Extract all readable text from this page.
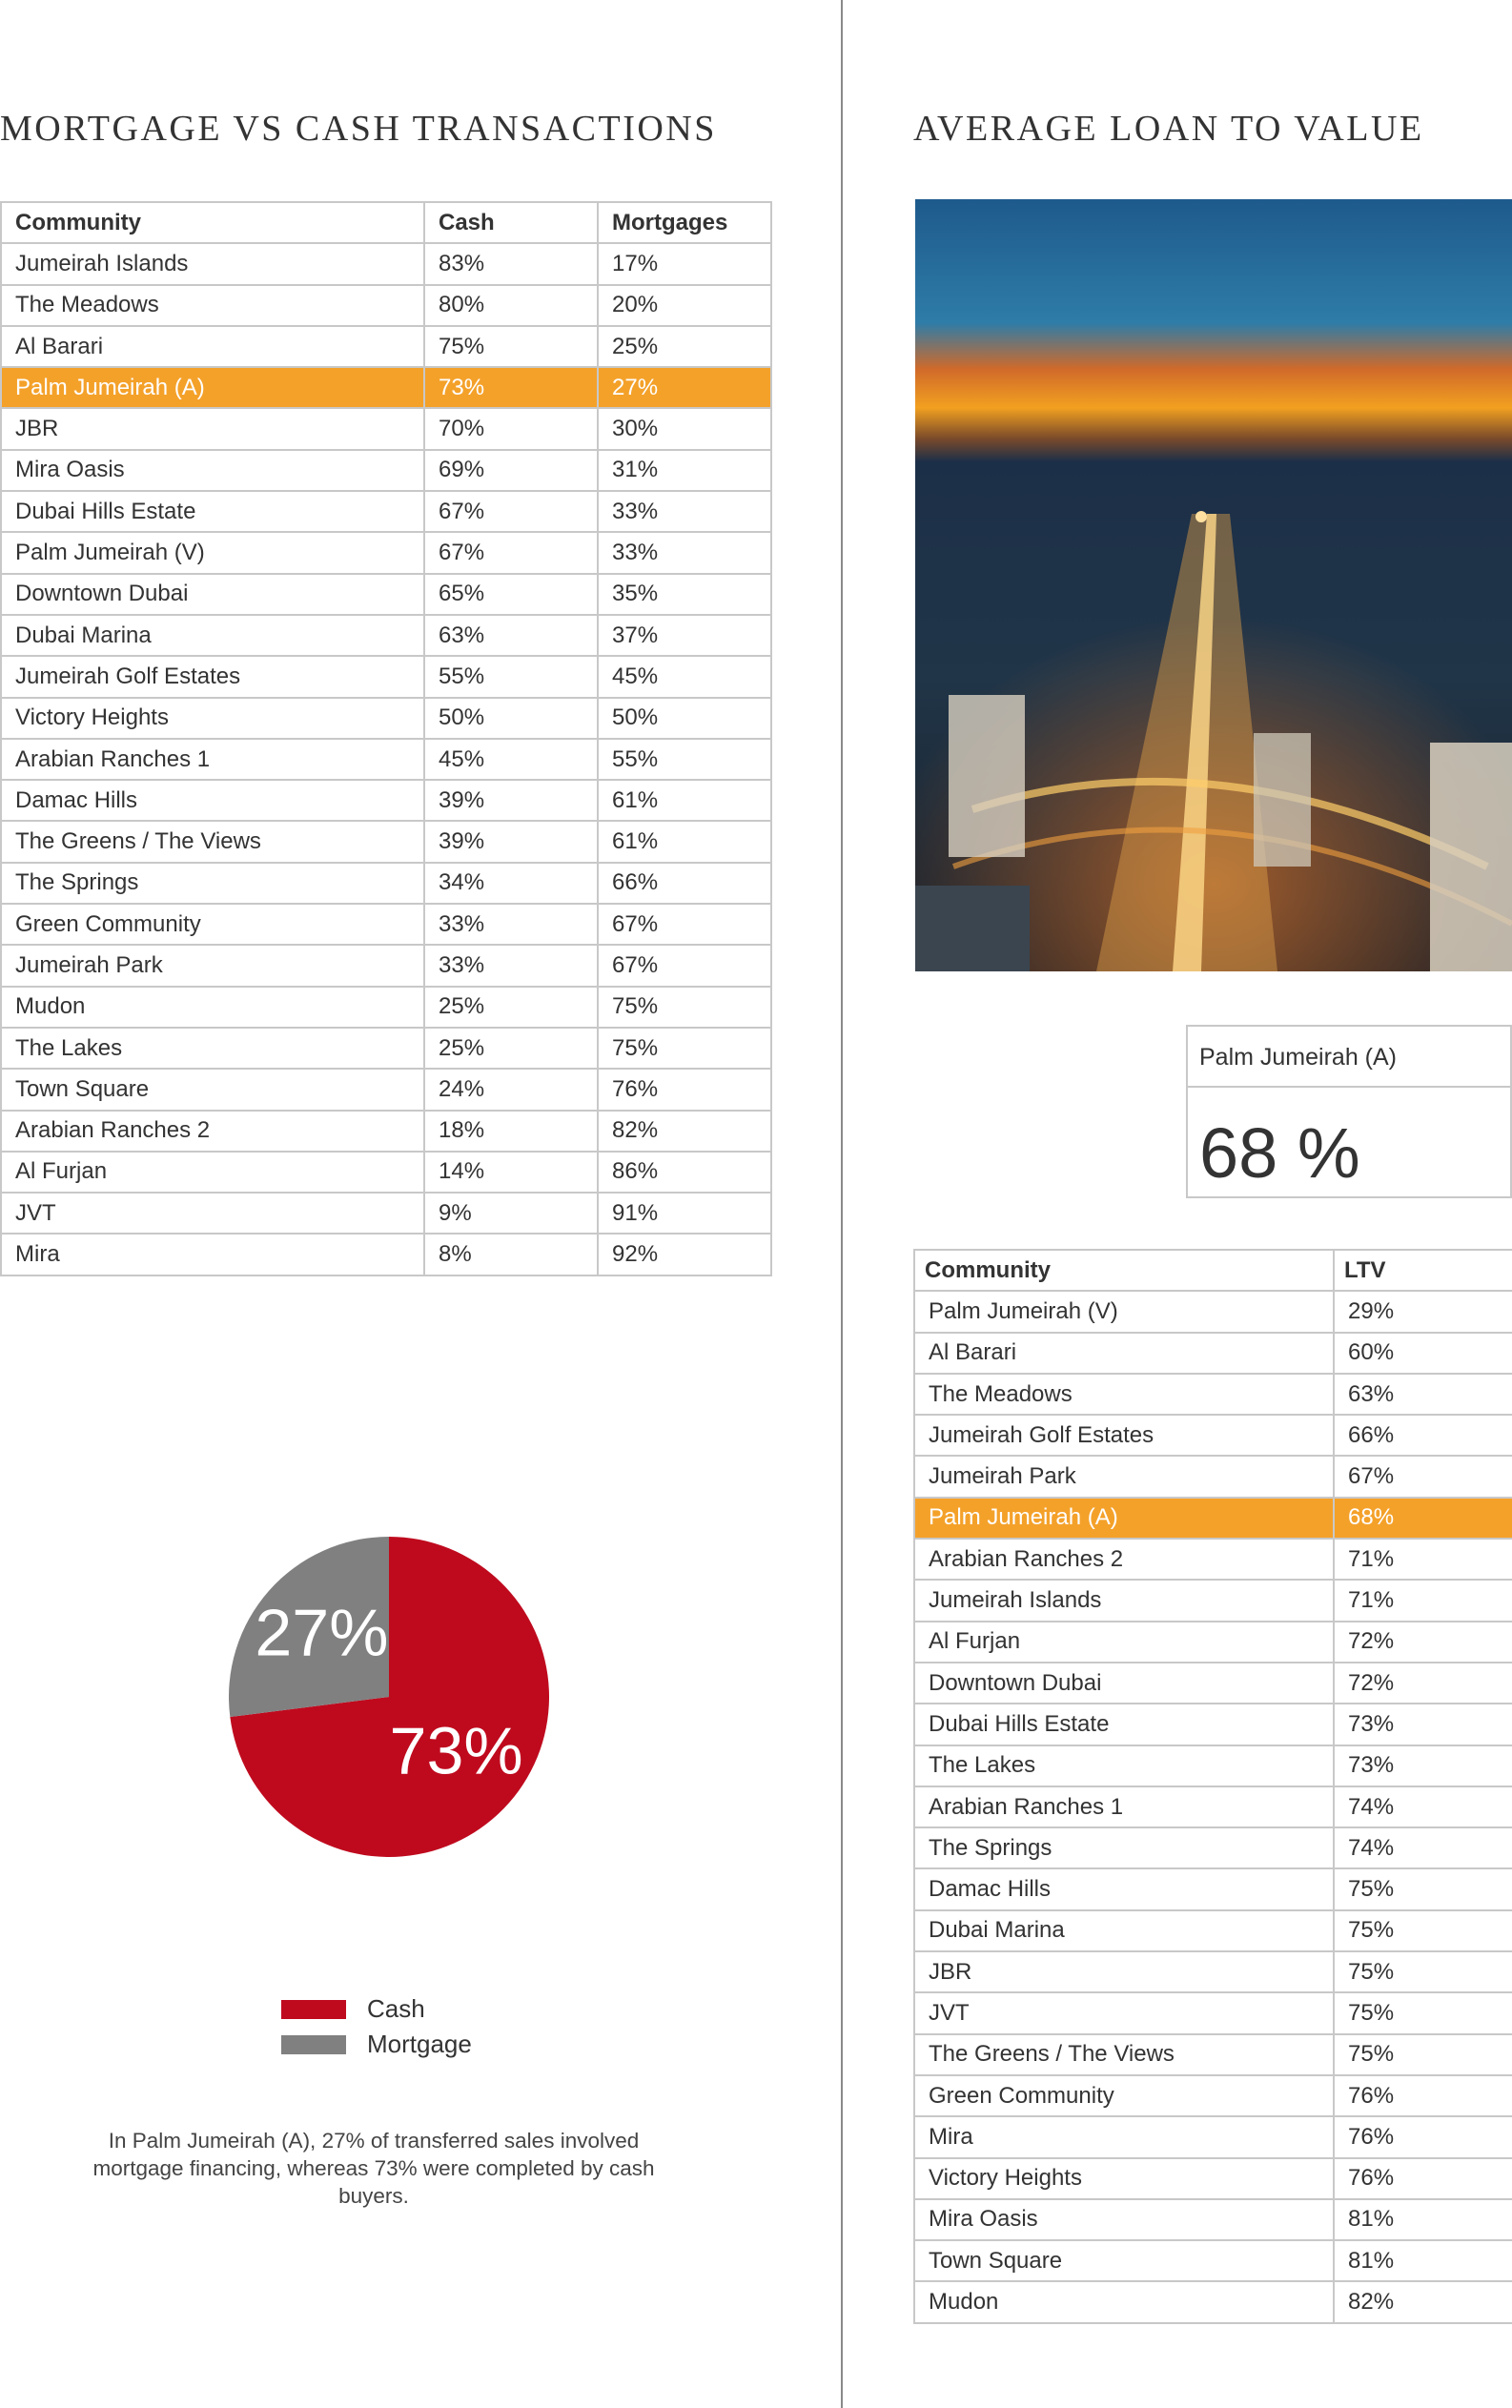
MORTGAGE VS CASH TRANSACTIONS
Community	Cash	Mortgages
Jumeirah Islands	83%	17%
The Meadows	80%	20%
Al Barari	75%	25%
Palm Jumeirah (A)	73%	27%
JBR	70%	30%
Mira Oasis	69%	31%
Dubai Hills Estate	67%	33%
Palm Jumeirah (V)	67%	33%
Downtown Dubai	65%	35%
Dubai Marina	63%	37%
Jumeirah Golf Estates	55%	45%
Victory Heights	50%	50%
Arabian Ranches 1	45%	55%
Damac Hills	39%	61%
The Greens / The Views	39%	61%
The Springs	34%	66%
Green Community	33%	67%
Jumeirah Park	33%	67%
Mudon	25%	75%
The Lakes	25%	75%
Town Square	24%	76%
Arabian Ranches 2	18%	82%
Al Furjan	14%	86%
JVT	9%	91%
Mira	8%	92%
73%
27%
Cash
Mortgage

In Palm Jumeirah (A), 27% of transferred sales involved mortgage financing, whereas 73% were completed by cash buyers.

AVERAGE LOAN TO VALUE
Palm Jumeirah (A)
68 %
Community	LTV
Palm Jumeirah (V)	29%
Al Barari	60%
The Meadows	63%
Jumeirah Golf Estates	66%
Jumeirah Park	67%
Palm Jumeirah (A)	68%
Arabian Ranches 2	71%
Jumeirah Islands	71%
Al Furjan	72%
Downtown Dubai	72%
Dubai Hills Estate	73%
The Lakes	73%
Arabian Ranches 1	74%
The Springs	74%
Damac Hills	75%
Dubai Marina	75%
JBR	75%
JVT	75%
The Greens / The Views	75%
Green Community	76%
Mira	76%
Victory Heights	76%
Mira Oasis	81%
Town Square	81%
Mudon	82%
